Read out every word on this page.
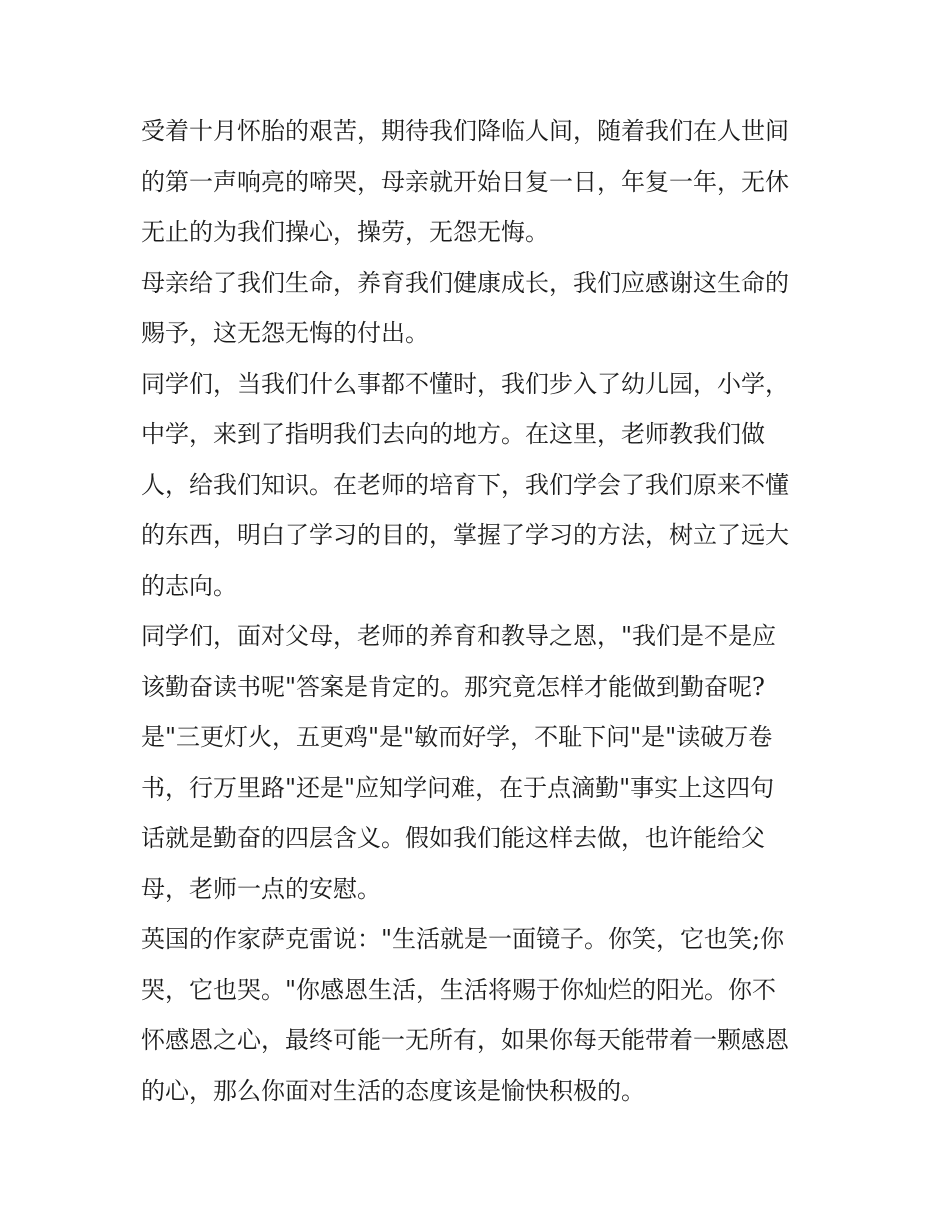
受着十月怀胎的艰苦，期待我们降临人间，随着我们在人世间
的第一声响亮的啼哭，母亲就开始日复一日，年复一年，无休
无止的为我们操心，操劳，无怨无悔。
母亲给了我们生命，养育我们健康成长，我们应感谢这生命的
赐予，这无怨无悔的付出。
同学们，当我们什么事都不懂时，我们步入了幼儿园，小学，
中学，来到了指明我们去向的地方。在这里，老师教我们做
人，给我们知识。在老师的培育下，我们学会了我们原来不懂
的东西，明白了学习的目的，掌握了学习的方法，树立了远大
的志向。
同学们，面对父母，老师的养育和教导之恩，"我们是不是应
该勤奋读书呢"答案是肯定的。那究竟怎样才能做到勤奋呢?
是"三更灯火，五更鸡"是"敏而好学，不耻下问"是"读破万卷
书，行万里路"还是"应知学问难，在于点滴勤"事实上这四句
话就是勤奋的四层含义。假如我们能这样去做，也许能给父
母，老师一点的安慰。
英国的作家萨克雷说："生活就是一面镜子。你笑，它也笑;你
哭，它也哭。"你感恩生活，生活将赐于你灿烂的阳光。你不
怀感恩之心，最终可能一无所有，如果你每天能带着一颗感恩
的心，那么你面对生活的态度该是愉快积极的。
